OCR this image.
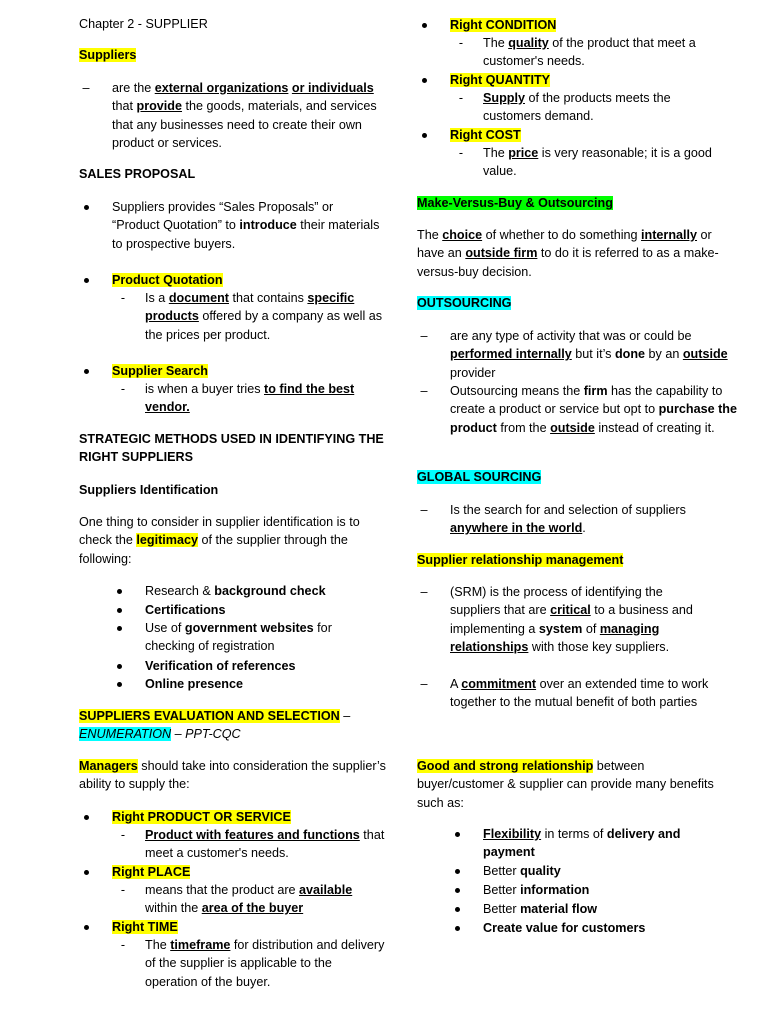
Chapter 2 - SUPPLIER
Suppliers
– are the external organizations or individuals that provide the goods, materials, and services that any businesses need to create their own product or services.
SALES PROPOSAL
Suppliers provides “Sales Proposals” or “Product Quotation” to introduce their materials to prospective buyers.
Product Quotation
-	Is a document that contains specific products offered by a company as well as the prices per product.
Supplier Search
-	is when a buyer tries to find the best vendor.
STRATEGIC METHODS USED IN IDENTIFYING THE RIGHT SUPPLIERS
Suppliers Identification
One thing to consider in supplier identification is to check the legitimacy of the supplier through the following:
Research & background check
Certifications
Use of government websites for checking of registration
Verification of references
Online presence
SUPPLIERS EVALUATION AND SELECTION –
ENUMERATION – PPT-CQC
Managers should take into consideration the supplier’s ability to supply the:
Right PRODUCT OR SERVICE
-	Product with features and functions that meet a customer's needs.
Right PLACE
-	means that the product are available within the area of the buyer
Right TIME
-	The timeframe for distribution and delivery of the supplier is applicable to the operation of the buyer.
Right CONDITION
-	The quality of the product that meet a customer's needs.
Right QUANTITY
-	Supply of the products meets the customers demand.
Right COST
-	The price is very reasonable; it is a good value.
Make-Versus-Buy & Outsourcing
The choice of whether to do something internally or have an outside firm to do it is referred to as a make-versus-buy decision.
OUTSOURCING
– are any type of activity that was or could be performed internally but it’s done by an outside provider
– Outsourcing means the firm has the capability to create a product or service but opt to purchase the product from the outside instead of creating it.
GLOBAL SOURCING
– Is the search for and selection of suppliers anywhere in the world.
Supplier relationship management
– (SRM) is the process of identifying the suppliers that are critical to a business and implementing a system of managing relationships with those key suppliers.
– A commitment over an extended time to work together to the mutual benefit of both parties
Good and strong relationship between buyer/customer & supplier can provide many benefits such as:
Flexibility in terms of delivery and payment
Better quality
Better information
Better material flow
Create value for customers
